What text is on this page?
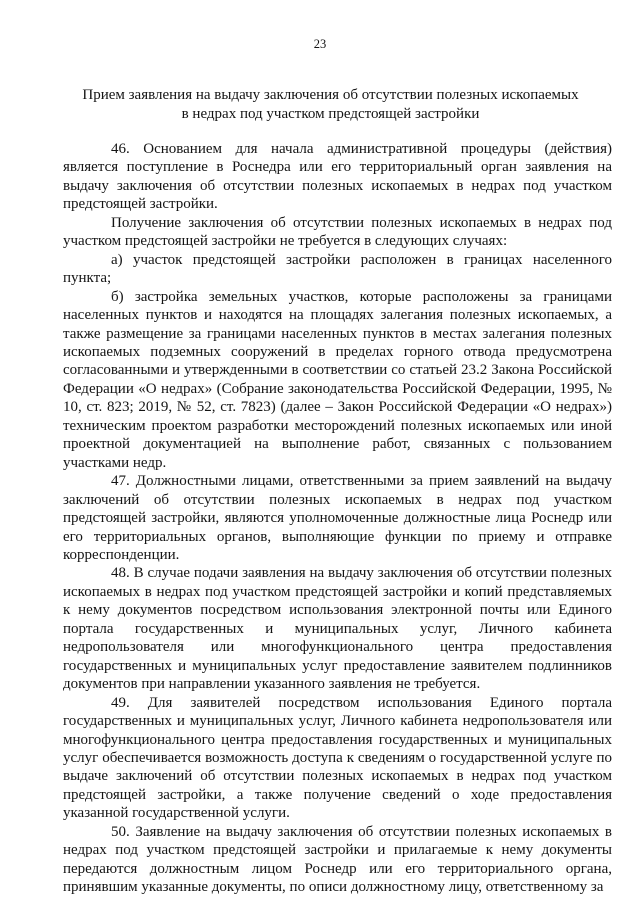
23
Прием заявления на выдачу заключения об отсутствии полезных ископаемых в недрах под участком предстоящей застройки

46. Основанием для начала административной процедуры (действия) является поступление в Роснедра или его территориальный орган заявления на выдачу заключения об отсутствии полезных ископаемых в недрах под участком предстоящей застройки.

Получение заключения об отсутствии полезных ископаемых в недрах под участком предстоящей застройки не требуется в следующих случаях:

а) участок предстоящей застройки расположен в границах населенного пункта;

б) застройка земельных участков, которые расположены за границами населенных пунктов и находятся на площадях залегания полезных ископаемых, а также размещение за границами населенных пунктов в местах залегания полезных ископаемых подземных сооружений в пределах горного отвода предусмотрена согласованными и утвержденными в соответствии со статьей 23.2 Закона Российской Федерации «О недрах» (Собрание законодательства Российской Федерации, 1995, № 10, ст. 823; 2019, № 52, ст. 7823) (далее – Закон Российской Федерации «О недрах») техническим проектом разработки месторождений полезных ископаемых или иной проектной документацией на выполнение работ, связанных с пользованием участками недр.

47. Должностными лицами, ответственными за прием заявлений на выдачу заключений об отсутствии полезных ископаемых в недрах под участком предстоящей застройки, являются уполномоченные должностные лица Роснедр или его территориальных органов, выполняющие функции по приему и отправке корреспонденции.

48. В случае подачи заявления на выдачу заключения об отсутствии полезных ископаемых в недрах под участком предстоящей застройки и копий представляемых к нему документов посредством использования электронной почты или Единого портала государственных и муниципальных услуг, Личного кабинета недропользователя или многофункционального центра предоставления государственных и муниципальных услуг предоставление заявителем подлинников документов при направлении указанного заявления не требуется.

49. Для заявителей посредством использования Единого портала государственных и муниципальных услуг, Личного кабинета недропользователя или многофункционального центра предоставления государственных и муниципальных услуг обеспечивается возможность доступа к сведениям о государственной услуге по выдаче заключений об отсутствии полезных ископаемых в недрах под участком предстоящей застройки, а также получение сведений о ходе предоставления указанной государственной услуги.

50. Заявление на выдачу заключения об отсутствии полезных ископаемых в недрах под участком предстоящей застройки и прилагаемые к нему документы передаются должностным лицом Роснедр или его территориального органа, принявшим указанные документы, по описи должностному лицу, ответственному за
